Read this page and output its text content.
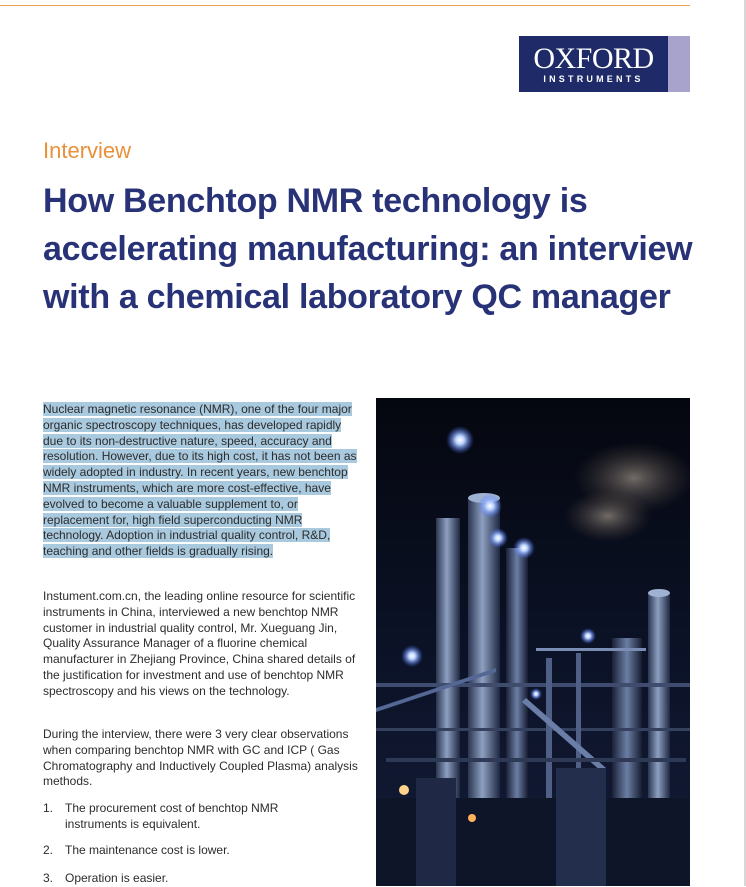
OXFORD
INSTRUMENTS
Interview
How Benchtop NMR technology is accelerating manufacturing: an interview with a chemical laboratory QC manager
Nuclear magnetic resonance (NMR), one of the four major organic spectroscopy techniques, has developed rapidly due to its non-destructive nature, speed, accuracy and resolution. However, due to its high cost, it has not been as widely adopted in industry. In recent years, new benchtop NMR instruments, which are more cost-effective, have evolved to become a valuable supplement to, or replacement for, high field superconducting NMR technology. Adoption in industrial quality control, R&D, teaching and other fields is gradually rising.
Instument.com.cn, the leading online resource for scientific instruments in China, interviewed a new benchtop NMR customer in industrial quality control, Mr. Xueguang Jin, Quality Assurance Manager of a fluorine chemical manufacturer in Zhejiang Province, China shared details of the justification for investment and use of benchtop NMR spectroscopy and his views on the technology.
During the interview, there were 3 very clear observations when comparing benchtop NMR with GC and ICP ( Gas Chromatography and Inductively Coupled Plasma) analysis methods.
1. The procurement cost of benchtop NMR instruments is equivalent.
2. The maintenance cost is lower.
3. Operation is easier.
